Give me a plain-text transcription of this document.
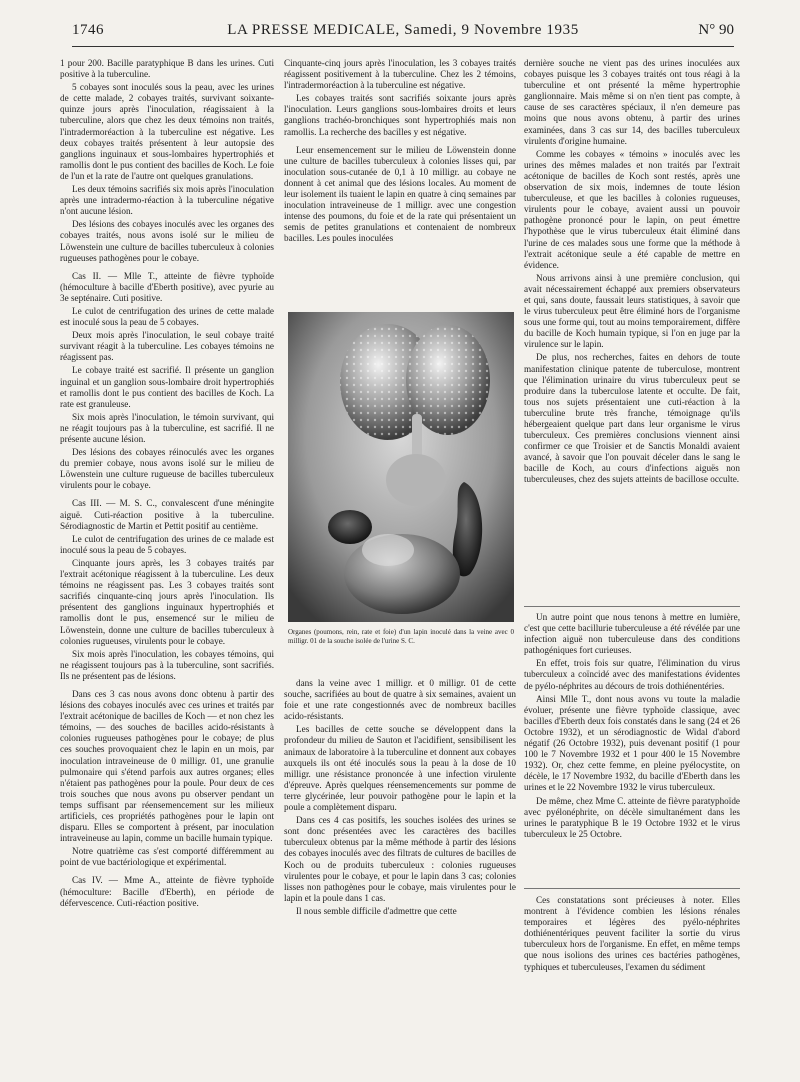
1746	LA PRESSE MEDICALE, Samedi, 9 Novembre 1935	N° 90

1 pour 200. Bacille paratyphique B dans les urines. Cuti positive à la tuberculine.

5 cobayes sont inoculés sous la peau, avec les urines de cette malade, 2 cobayes traités, survivant soixante-quinze jours après l'inoculation, réagissaient à la tuberculine, alors que chez les deux témoins non traités, l'intradermoréaction à la tuberculine est négative. Les deux cobayes traités présentent à leur autopsie des ganglions inguinaux et sous-lombaires hypertrophiés et ramollis dont le pus contient des bacilles de Koch. Le foie de l'un et la rate de l'autre ont quelques granulations.

Les deux témoins sacrifiés six mois après l'inoculation après une intradermo-réaction à la tuberculine négative n'ont aucune lésion.

Des lésions des cobayes inoculés avec les organes des cobayes traités, nous avons isolé sur le milieu de Löwenstein une culture de bacilles tuberculeux à colonies rugueuses pathogènes pour le cobaye.

Cas II. — Mlle T., atteinte de fièvre typhoïde (hémoculture à bacille d'Eberth positive), avec pyurie au 3e septénaire. Cuti positive.

Le culot de centrifugation des urines de cette malade est inoculé sous la peau de 5 cobayes.

Deux mois après l'inoculation, le seul cobaye traité survivant réagit à la tuberculine. Les cobayes témoins ne réagissent pas.

Le cobaye traité est sacrifié. Il présente un ganglion inguinal et un ganglion sous-lombaire droit hypertrophiés et ramollis dont le pus contient des bacilles de Koch. La rate est granuleuse.

Six mois après l'inoculation, le témoin survivant, qui ne réagit toujours pas à la tuberculine, est sacrifié. Il ne présente aucune lésion.

Des lésions des cobayes réinoculés avec les organes du premier cobaye, nous avons isolé sur le milieu de Löwenstein une culture rugueuse de bacilles tuberculeux virulents pour le cobaye.

Cas III. — M. S. C., convalescent d'une méningite aiguë. Cuti-réaction positive à la tuberculine. Sérodiagnostic de Martin et Pettit positif au centième.

Le culot de centrifugation des urines de ce malade est inoculé sous la peau de 5 cobayes.

Cinquante jours après, les 3 cobayes traités par l'extrait acétonique réagissent à la tuberculine. Les deux témoins ne réagissent pas. Les 3 cobayes traités sont sacrifiés cinquante-cinq jours après l'inoculation. Ils présentent des ganglions inguinaux hypertrophiés et ramollis dont le pus, ensemencé sur le milieu de Löwenstein, donne une culture de bacilles tuberculeux à colonies rugueuses, virulents pour le cobaye.

Six mois après l'inoculation, les cobayes témoins, qui ne réagissent toujours pas à la tuberculine, sont sacrifiés. Ils ne présentent pas de lésions.

Dans ces 3 cas nous avons donc obtenu à partir des lésions des cobayes inoculés avec ces urines et traités par l'extrait acétonique de bacilles de Koch — et non chez les témoins, — des souches de bacilles acido-résistants à colonies rugueuses pathogènes pour le cobaye; de plus ces souches provoquaient chez le lapin en un mois, par inoculation intraveineuse de 0 milligr. 01, une granulie pulmonaire qui s'étend parfois aux autres organes; elles n'étaient pas pathogènes pour la poule. Pour deux de ces trois souches que nous avons pu observer pendant un temps suffisant par réensemencement sur les milieux artificiels, ces propriétés pathogènes pour le lapin ont disparu. Elles se comportent à présent, par inoculation intraveineuse au lapin, comme un bacille humain typique.

Notre quatrième cas s'est comporté différemment au point de vue bactériologique et expérimental.

Cas IV. — Mme A., atteinte de fièvre typhoïde (hémoculture: Bacille d'Eberth), en période de défervescence. Cuti-réaction positive.

Cinquante-cinq jours après l'inoculation, les 3 cobayes traités réagissent positivement à la tuberculine. Chez les 2 témoins, l'intradermoréaction à la tuberculine est négative.

Les cobayes traités sont sacrifiés soixante jours après l'inoculation. Leurs ganglions sous-lombaires droits et leurs ganglions trachéo-bronchiques sont hypertrophiés mais non ramollis. La recherche des bacilles y est négative.

Leur ensemencement sur le milieu de Löwenstein donne une culture de bacilles tuberculeux à colonies lisses qui, par inoculation sous-cutanée de 0,1 à 10 milligr. au cobaye ne donnent à cet animal que des lésions locales. Au moment de leur isolement ils tuaient le lapin en quatre à cinq semaines par inoculation intraveineuse de 1 milligr. avec une congestion intense des poumons, du foie et de la rate qui présentaient un semis de petites granulations et contenaient de nombreux bacilles. Les poules inoculées

Organes (poumons, rein, rate et foie) d'un lapin inoculé dans la veine avec 0 milligr. 01 de la souche isolée de l'urine S. C.

dans la veine avec 1 milligr. et 0 milligr. 01 de cette souche, sacrifiées au bout de quatre à six semaines, avaient un foie et une rate congestionnés avec de nombreux bacilles acido-résistants.

Les bacilles de cette souche se développent dans la profondeur du milieu de Sauton et l'acidifient, sensibilisent les animaux de laboratoire à la tuberculine et donnent aux cobayes auxquels ils ont été inoculés sous la peau à la dose de 10 milligr. une résistance prononcée à une infection virulente d'épreuve. Après quelques réensemencements sur pomme de terre glycérinée, leur pouvoir pathogène pour le lapin et la poule a complètement disparu.

Dans ces 4 cas positifs, les souches isolées des urines se sont donc présentées avec les caractères des bacilles tuberculeux obtenus par la même méthode à partir des lésions des cobayes inoculés avec des filtrats de cultures de bacilles de Koch ou de produits tuberculeux : colonies rugueuses virulentes pour le cobaye, et pour le lapin dans 3 cas; colonies lisses non pathogènes pour le cobaye, mais virulentes pour le lapin et la poule dans 1 cas.

Il nous semble difficile d'admettre que cette

dernière souche ne vient pas des urines inoculées aux cobayes puisque les 3 cobayes traités ont tous réagi à la tuberculine et ont présenté la même hypertrophie ganglionnaire. Mais même si on n'en tient pas compte, à cause de ses caractères spéciaux, il n'en demeure pas moins que nous avons obtenu, à partir des urines examinées, dans 3 cas sur 14, des bacilles tuberculeux virulents d'origine humaine.

Comme les cobayes « témoins » inoculés avec les urines des mêmes malades et non traités par l'extrait acétonique de bacilles de Koch sont restés, après une observation de six mois, indemnes de toute lésion tuberculeuse, et que les bacilles à colonies rugueuses, virulents pour le cobaye, avaient aussi un pouvoir pathogène prononcé pour le lapin, on peut émettre l'hypothèse que le virus tuberculeux était éliminé dans l'urine de ces malades sous une forme que la méthode à l'extrait acétonique seule a été capable de mettre en évidence.

Nous arrivons ainsi à une première conclusion, qui avait nécessairement échappé aux premiers observateurs et qui, sans doute, faussait leurs statistiques, à savoir que le virus tuberculeux peut être éliminé hors de l'organisme sous une forme qui, tout au moins temporairement, diffère du bacille de Koch humain typique, si l'on en juge par la virulence sur le lapin.

De plus, nos recherches, faites en dehors de toute manifestation clinique patente de tuberculose, montrent que l'élimination urinaire du virus tuberculeux peut se produire dans la tuberculose latente et occulte. De fait, tous nos sujets présentaient une cuti-réaction à la tuberculine brute très franche, témoignage qu'ils hébergeaient quelque part dans leur organisme le virus tuberculeux. Ces premières conclusions viennent ainsi confirmer ce que Troisier et de Sanctis Monaldi avaient avancé, à savoir que l'on pouvait déceler dans le sang le bacille de Koch, au cours d'infections aiguës non tuberculeuses, chez des sujets atteints de bacillose occulte.

Un autre point que nous tenons à mettre en lumière, c'est que cette bacillurie tuberculeuse a été révélée par une infection aiguë non tuberculeuse dans des conditions pathogéniques fort curieuses.

En effet, trois fois sur quatre, l'élimination du virus tuberculeux a coïncidé avec des manifestations évidentes de pyélo-néphrites au décours de trois dothiénentéries.

Ainsi Mlle T., dont nous avons vu toute la maladie évoluer, présente une fièvre typhoïde classique, avec bacilles d'Eberth deux fois constatés dans le sang (24 et 26 Octobre 1932), et un sérodiagnostic de Widal d'abord négatif (26 Octobre 1932), puis devenant positif (1 pour 100 le 7 Novembre 1932 et 1 pour 400 le 15 Novembre 1932). Or, chez cette femme, en pleine pyélocystite, on décèle, le 17 Novembre 1932, du bacille d'Eberth dans les urines et le 22 Novembre 1932 le virus tuberculeux.

De même, chez Mme C. atteinte de fièvre paratyphoïde avec pyélonéphrite, on décèle simultanément dans les urines le paratyphique B le 19 Octobre 1932 et le virus tuberculeux le 25 Octobre.

Ces constatations sont précieuses à noter. Elles montrent à l'évidence combien les lésions rénales temporaires et légères des pyélo-néphrites dothiénentériques peuvent faciliter la sortie du virus tuberculeux hors de l'organisme. En effet, en même temps que nous isolions des urines ces bactéries pathogènes, typhiques et tuberculeuses, l'examen du sédiment
